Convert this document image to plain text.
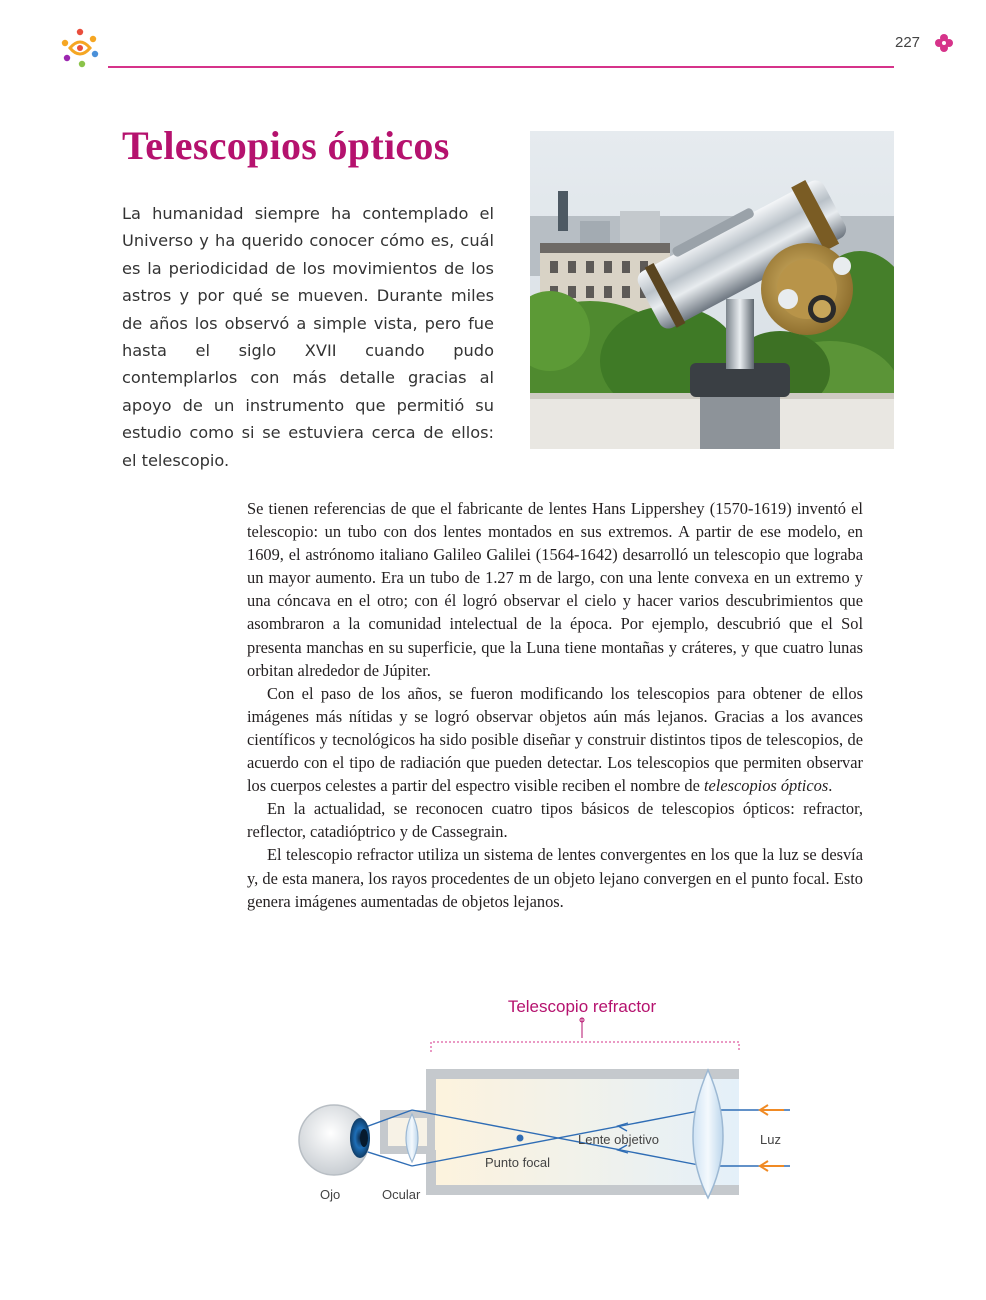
227
Telescopios ópticos
La humanidad siempre ha contemplado el Universo y ha querido conocer cómo es, cuál es la periodicidad de los movimientos de los astros y por qué se mueven. Durante miles de años los observó a simple vista, pero fue hasta el siglo XVII cuando pudo contemplarlos con más detalle gracias al apoyo de un instrumento que permitió su estudio como si se estuviera cerca de ellos: el telescopio.

Se tienen referencias de que el fabricante de lentes Hans Lippershey (1570-1619) inventó el telescopio: un tubo con dos lentes montados en sus extremos. A partir de ese modelo, en 1609, el astrónomo italiano Galileo Galilei (1564-1642) desarrolló un telescopio que lograba un mayor aumento. Era un tubo de 1.27 m de largo, con una lente convexa en un extremo y una cóncava en el otro; con él logró observar el cielo y hacer varios descubrimientos que asombraron a la comunidad intelectual de la época. Por ejemplo, descubrió que el Sol presenta manchas en su superficie, que la Luna tiene montañas y cráteres, y que cuatro lunas orbitan alrededor de Júpiter.

Con el paso de los años, se fueron modificando los telescopios para obtener de ellos imágenes más nítidas y se logró observar objetos aún más lejanos. Gracias a los avances científicos y tecnológicos ha sido posible diseñar y construir distintos tipos de telescopios, de acuerdo con el tipo de radiación que pueden detectar. Los telescopios que permiten observar los cuerpos celestes a partir del espectro visible reciben el nombre de telescopios ópticos.

En la actualidad, se reconocen cuatro tipos básicos de telescopios ópticos: refractor, reflector, catadióptrico y de Cassegrain.

El telescopio refractor utiliza un sistema de lentes convergentes en los que la luz se desvía y, de esta manera, los rayos procedentes de un objeto lejano convergen en el punto focal. Esto genera imágenes aumentadas de objetos lejanos.

Telescopio refractor
Lente objetivo
Punto focal
Luz
Ojo	Ocular
